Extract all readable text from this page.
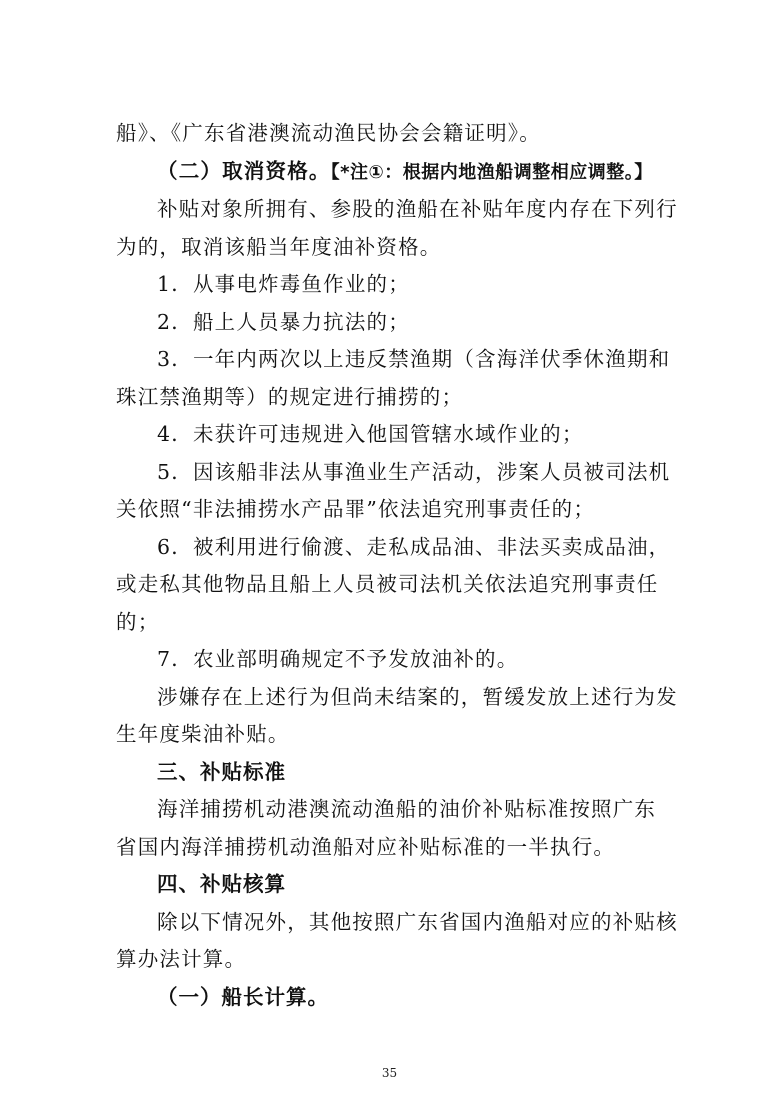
船》、《广东省港澳流动渔民协会会籍证明》。

（二）取消资格。【*注①：根据内地渔船调整相应调整。】

补贴对象所拥有、参股的渔船在补贴年度内存在下列行

为的，取消该船当年度油补资格。

1．从事电炸毒鱼作业的；

2．船上人员暴力抗法的；

3．一年内两次以上违反禁渔期（含海洋伏季休渔期和

珠江禁渔期等）的规定进行捕捞的；

4．未获许可违规进入他国管辖水域作业的；

5．因该船非法从事渔业生产活动，涉案人员被司法机

关依照“非法捕捞水产品罪”依法追究刑事责任的；

6．被利用进行偷渡、走私成品油、非法买卖成品油，

或走私其他物品且船上人员被司法机关依法追究刑事责任

的；

7．农业部明确规定不予发放油补的。

涉嫌存在上述行为但尚未结案的，暂缓发放上述行为发

生年度柴油补贴。

三、补贴标准

海洋捕捞机动港澳流动渔船的油价补贴标准按照广东

省国内海洋捕捞机动渔船对应补贴标准的一半执行。

四、补贴核算

除以下情况外，其他按照广东省国内渔船对应的补贴核

算办法计算。

（一）船长计算。

35
